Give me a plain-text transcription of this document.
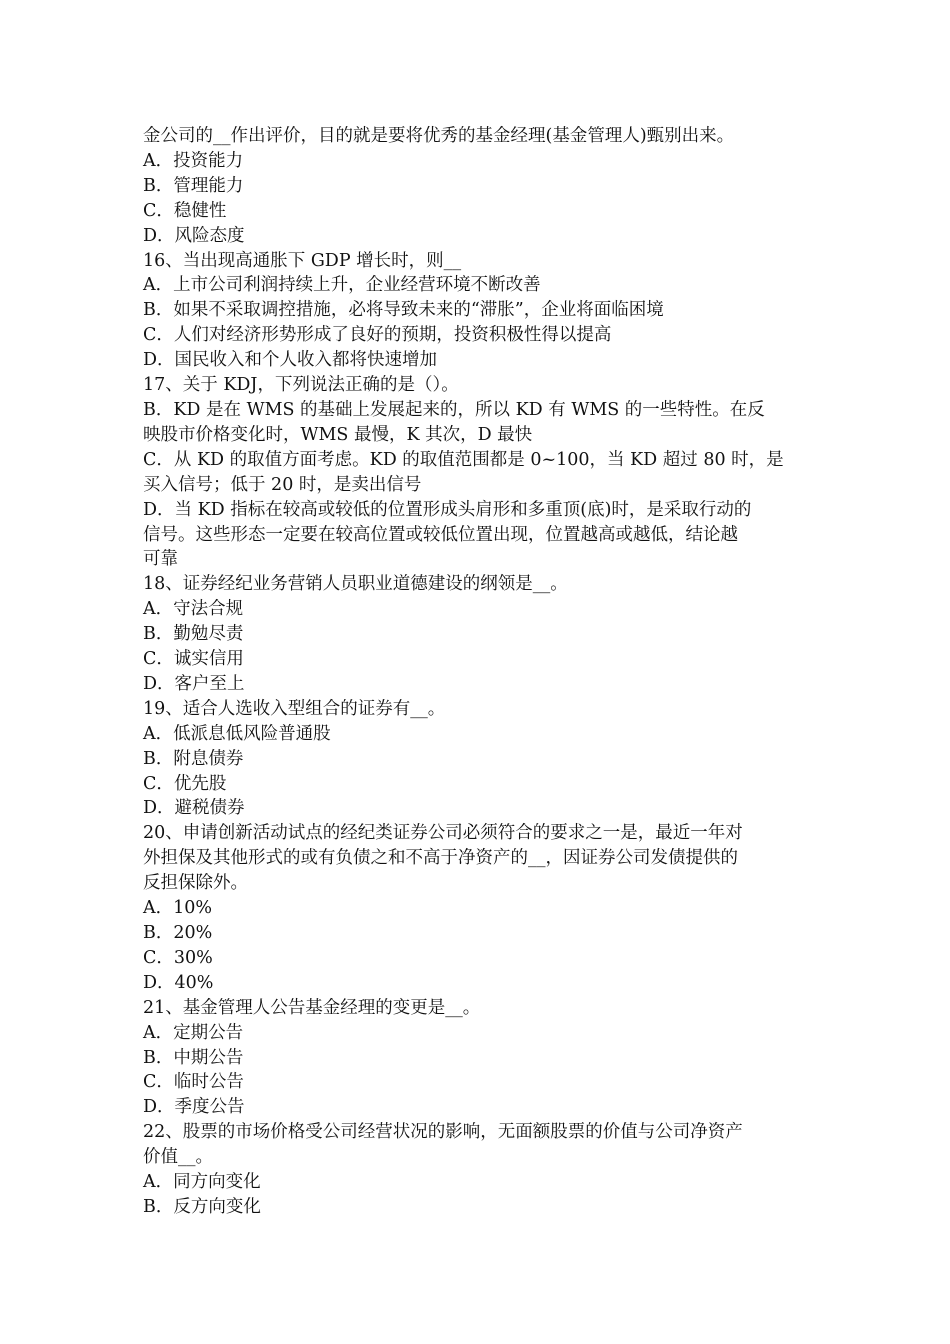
金公司的__作出评价，目的就是要将优秀的基金经理(基金管理人)甄别出来。
A．投资能力
B．管理能力
C．稳健性
D．风险态度
16、当出现高通胀下 GDP 增长时，则__
A．上市公司利润持续上升，企业经营环境不断改善
B．如果不采取调控措施，必将导致未来的“滞胀”，企业将面临困境
C．人们对经济形势形成了良好的预期，投资积极性得以提高
D．国民收入和个人收入都将快速增加
17、关于 KDJ，下列说法正确的是（）。
B．KD 是在 WMS 的基础上发展起来的，所以 KD 有 WMS 的一些特性。在反
映股市价格变化时，WMS 最慢，K 其次，D 最快
C．从 KD 的取值方面考虑。KD 的取值范围都是 0~100，当 KD 超过 80 时，是
买入信号；低于 20 时，是卖出信号
D．当 KD 指标在较高或较低的位置形成头肩形和多重顶(底)时，是采取行动的
信号。这些形态一定要在较高位置或较低位置出现，位置越高或越低，结论越
可靠
18、证券经纪业务营销人员职业道德建设的纲领是__。
A．守法合规
B．勤勉尽责
C．诚实信用
D．客户至上
19、适合人选收入型组合的证券有__。
A．低派息低风险普通股
B．附息债券
C．优先股
D．避税债券
20、申请创新活动试点的经纪类证券公司必须符合的要求之一是，最近一年对
外担保及其他形式的或有负债之和不高于净资产的__，因证券公司发债提供的
反担保除外。
A．10%
B．20%
C．30%
D．40%
21、基金管理人公告基金经理的变更是__。
A．定期公告
B．中期公告
C．临时公告
D．季度公告
22、股票的市场价格受公司经营状况的影响，无面额股票的价值与公司净资产
价值__。
A．同方向变化
B．反方向变化
